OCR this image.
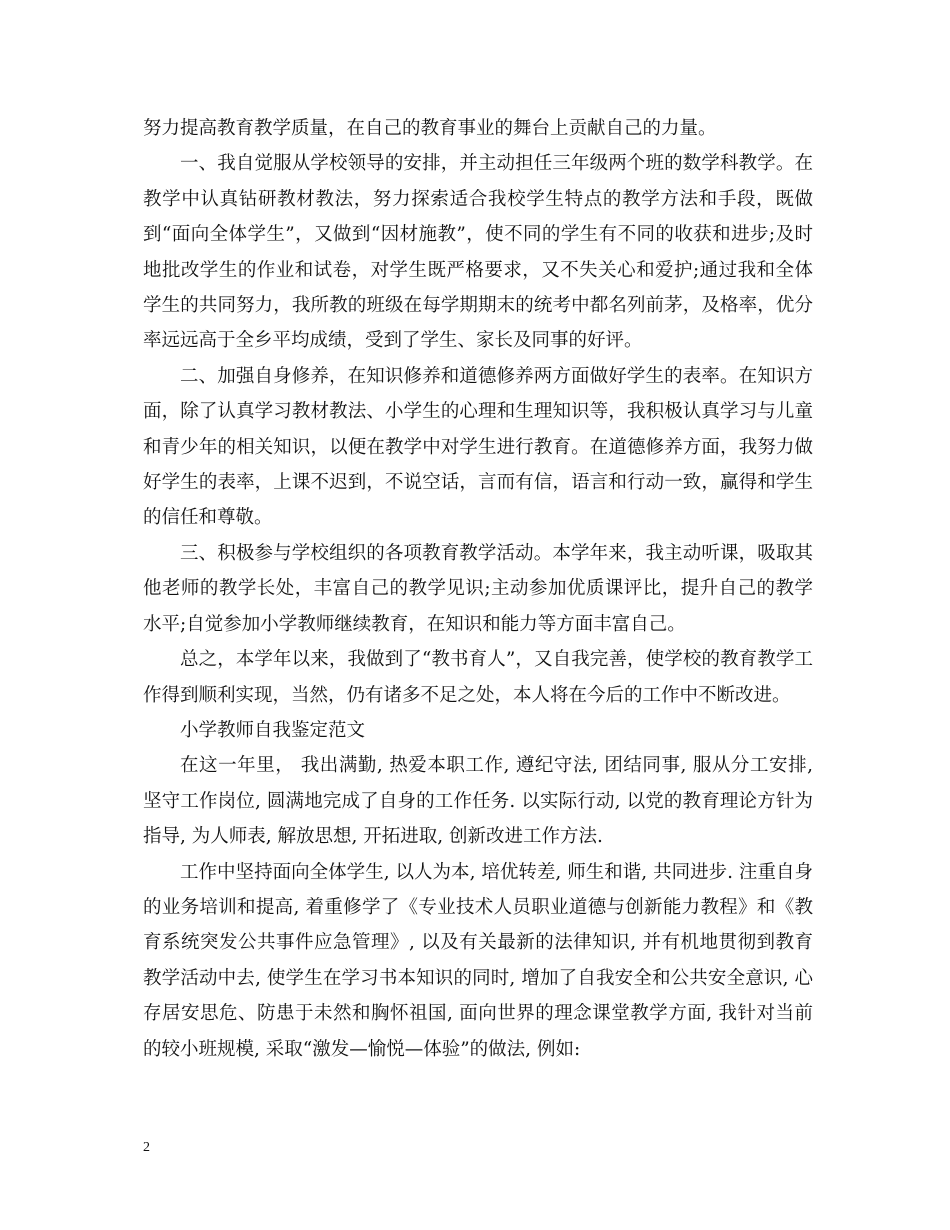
努力提高教育教学质量，在自己的教育事业的舞台上贡献自己的力量。

一、我自觉服从学校领导的安排，并主动担任三年级两个班的数学科教学。在教学中认真钻研教材教法，努力探索适合我校学生特点的教学方法和手段，既做到“面向全体学生”，又做到“因材施教”，使不同的学生有不同的收获和进步;及时地批改学生的作业和试卷，对学生既严格要求，又不失关心和爱护;通过我和全体学生的共同努力，我所教的班级在每学期期末的统考中都名列前茅，及格率，优分率远远高于全乡平均成绩，受到了学生、家长及同事的好评。

二、加强自身修养，在知识修养和道德修养两方面做好学生的表率。在知识方面，除了认真学习教材教法、小学生的心理和生理知识等，我积极认真学习与儿童和青少年的相关知识，以便在教学中对学生进行教育。在道德修养方面，我努力做好学生的表率，上课不迟到，不说空话，言而有信，语言和行动一致，赢得和学生的信任和尊敬。

三、积极参与学校组织的各项教育教学活动。本学年来，我主动听课，吸取其他老师的教学长处，丰富自己的教学见识;主动参加优质课评比，提升自己的教学水平;自觉参加小学教师继续教育，在知识和能力等方面丰富自己。

总之，本学年以来，我做到了“教书育人”，又自我完善，使学校的教育教学工作得到顺利实现，当然，仍有诸多不足之处，本人将在今后的工作中不断改进。

小学教师自我鉴定范文

在这一年里， 我出满勤, 热爱本职工作, 遵纪守法, 团结同事, 服从分工安排, 坚守工作岗位, 圆满地完成了自身的工作任务. 以实际行动, 以党的教育理论方针为指导, 为人师表, 解放思想, 开拓进取, 创新改进工作方法.

工作中坚持面向全体学生, 以人为本, 培优转差, 师生和谐, 共同进步. 注重自身的业务培训和提高, 着重修学了《专业技术人员职业道德与创新能力教程》和《教育系统突发公共事件应急管理》, 以及有关最新的法律知识, 并有机地贯彻到教育教学活动中去, 使学生在学习书本知识的同时, 增加了自我安全和公共安全意识, 心存居安思危、防患于未然和胸怀祖国, 面向世界的理念课堂教学方面, 我针对当前的较小班规模, 采取“激发—愉悦—体验”的做法, 例如:

2
